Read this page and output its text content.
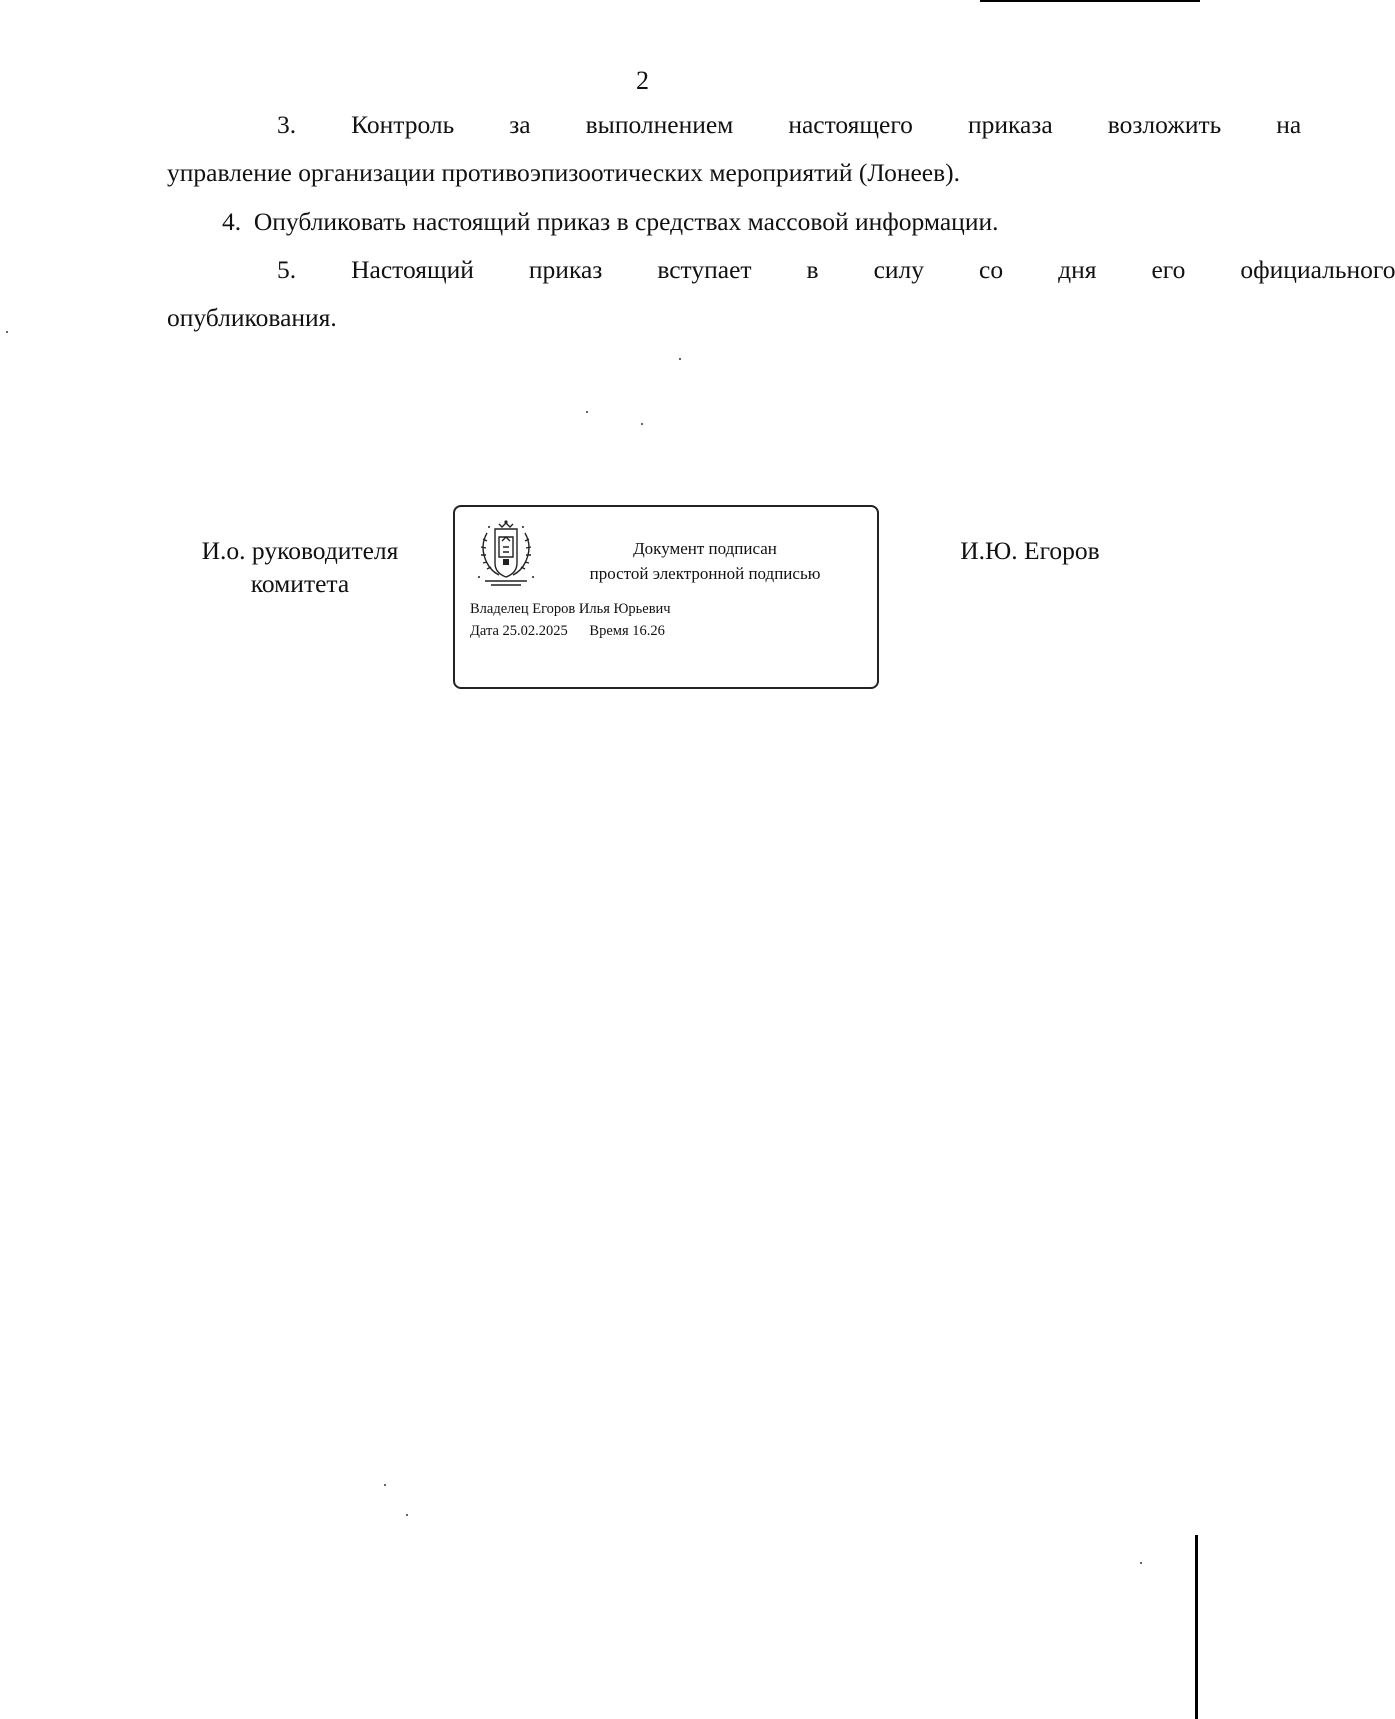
2
3.	Контроль	за	выполнением	настоящего	приказа	возложить	на
управление организации противоэпизоотических мероприятий (Лонеев).
4. Опубликовать настоящий приказ в средствах массовой информации.
5.	Настоящий	приказ	вступает	в	силу	со	дня	его	официального
опубликования.
И.о. руководителя
комитета
Документ подписан
простой электронной подписью
Владелец Егоров Илья Юрьевич
Дата 25.02.2025 Время 16.26
И.Ю. Егоров
